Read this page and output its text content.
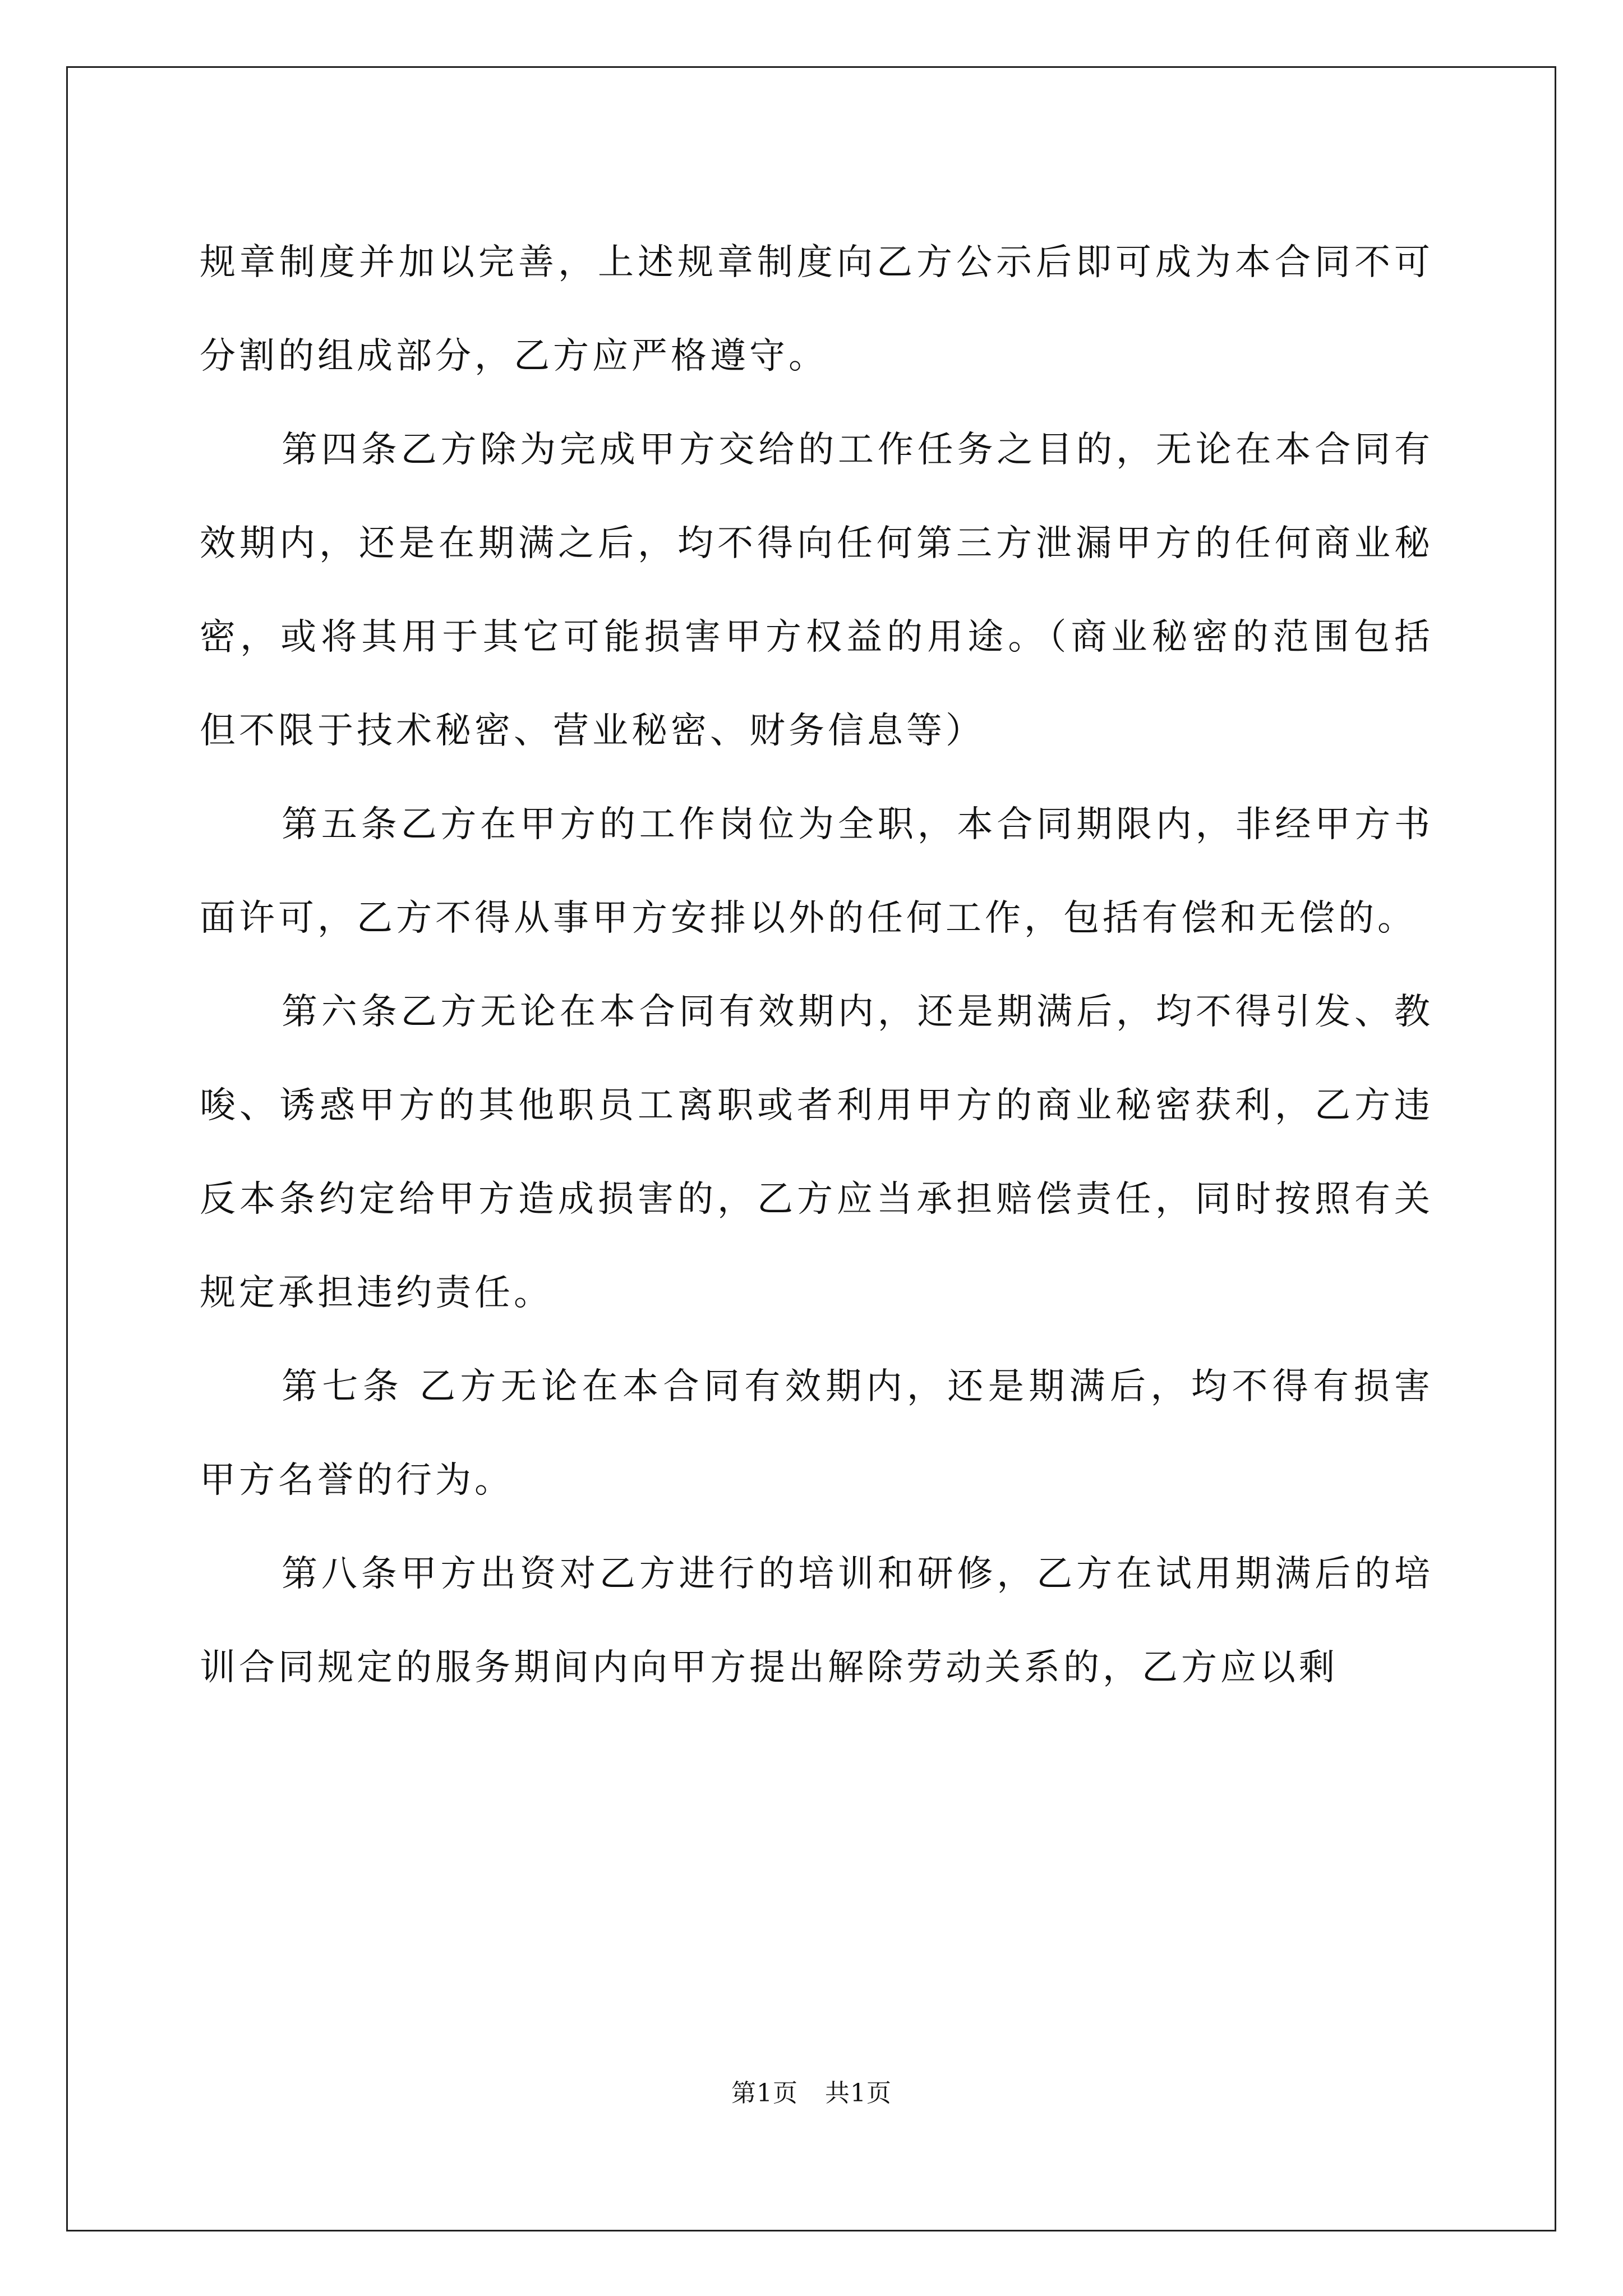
规章制度并加以完善，上述规章制度向乙方公示后即可成为本合同不可分割的组成部分，乙方应严格遵守。

第四条乙方除为完成甲方交给的工作任务之目的，无论在本合同有效期内，还是在期满之后，均不得向任何第三方泄漏甲方的任何商业秘密，或将其用于其它可能损害甲方权益的用途。（商业秘密的范围包括但不限于技术秘密、营业秘密、财务信息等）

第五条乙方在甲方的工作岗位为全职，本合同期限内，非经甲方书面许可，乙方不得从事甲方安排以外的任何工作，包括有偿和无偿的。

第六条乙方无论在本合同有效期内，还是期满后，均不得引发、教唆、诱惑甲方的其他职员工离职或者利用甲方的商业秘密获利，乙方违反本条约定给甲方造成损害的，乙方应当承担赔偿责任，同时按照有关规定承担违约责任。

第七条 乙方无论在本合同有效期内，还是期满后，均不得有损害甲方名誉的行为。

第八条甲方出资对乙方进行的培训和研修，乙方在试用期满后的培训合同规定的服务期间内向甲方提出解除劳动关系的，乙方应以剩

第1页 共1页
